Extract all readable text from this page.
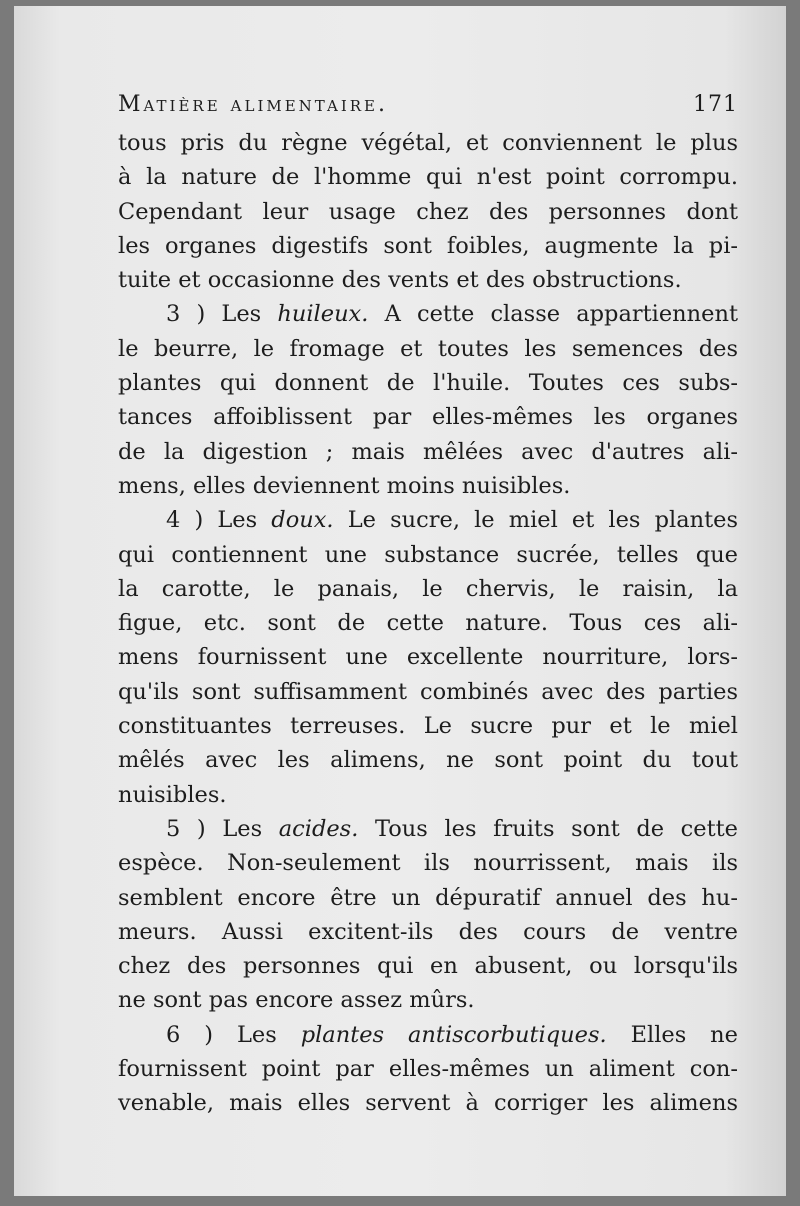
Matière alimentaire.	171
tous pris du règne végétal, et conviennent le plus
à la nature de l'homme qui n'est point corrompu.
Cependant leur usage chez des personnes dont
les organes digestifs sont foibles, augmente la pi-
tuite et occasionne des vents et des obstructions.
3 ) Les huileux. A cette classe appartiennent
le beurre, le fromage et toutes les semences des
plantes qui donnent de l'huile. Toutes ces subs-
tances affoiblissent par elles-mêmes les organes
de la digestion ; mais mêlées avec d'autres ali-
mens, elles deviennent moins nuisibles.
4 ) Les doux. Le sucre, le miel et les plantes
qui contiennent une substance sucrée, telles que
la carotte, le panais, le chervis, le raisin, la
figue, etc. sont de cette nature. Tous ces ali-
mens fournissent une excellente nourriture, lors-
qu'ils sont suffisamment combinés avec des parties
constituantes terreuses. Le sucre pur et le miel
mêlés avec les alimens, ne sont point du tout
nuisibles.
5 ) Les acides. Tous les fruits sont de cette
espèce. Non-seulement ils nourrissent, mais ils
semblent encore être un dépuratif annuel des hu-
meurs. Aussi excitent-ils des cours de ventre
chez des personnes qui en abusent, ou lorsqu'ils
ne sont pas encore assez mûrs.
6 ) Les plantes antiscorbutiques. Elles ne
fournissent point par elles-mêmes un aliment con-
venable, mais elles servent à corriger les alimens
